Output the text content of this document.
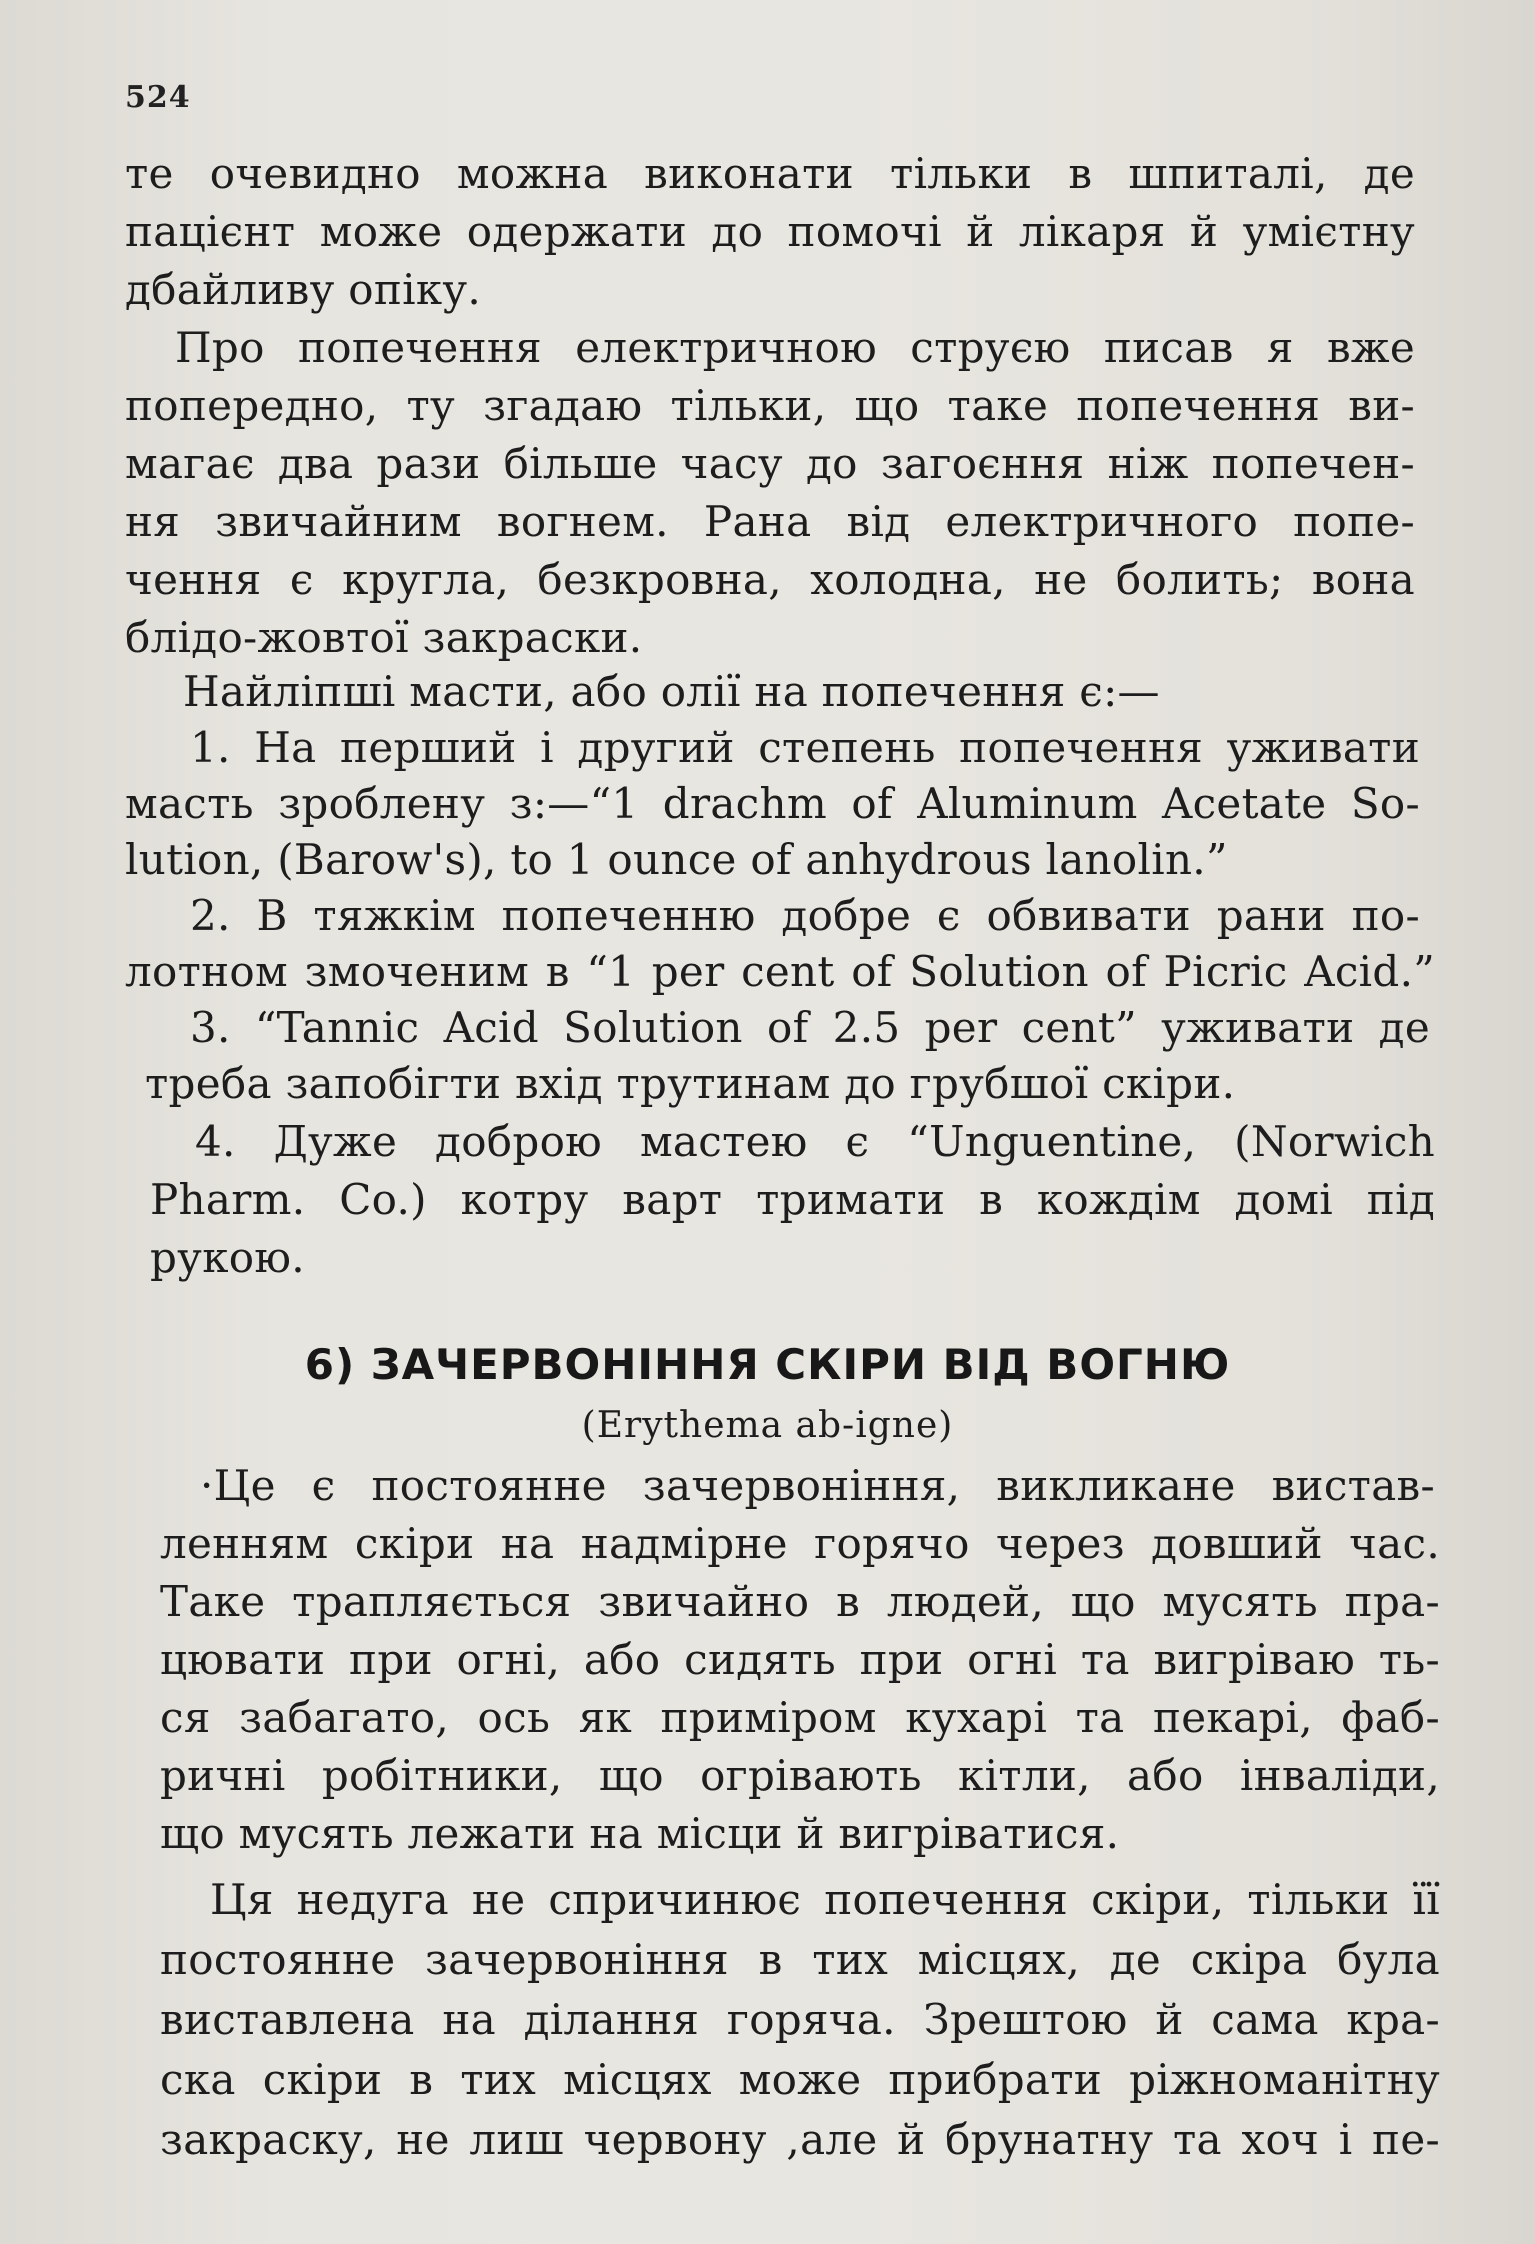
524
те очевидно можна виконати тільки в шпиталі, де
пацієнт може одержати до помочі й лікаря й умієтну
дбайливу опіку.
Про попечення електричною струєю писав я вже
попередно, ту згадаю тільки, що таке попечення ви-
магає два рази більше часу до загоєння ніж попечен-
ня звичайним вогнем. Рана від електричного попе-
чення є кругла, безкровна, холодна, не болить; вона
блідо-жовтої закраски.
Найліпші масти, або олії на попечення є:—
1. На перший і другий степень попечення уживати
масть зроблену з:—“1 drachm of Aluminum Acetate So-
lution, (Barow's), to 1 ounce of anhydrous lanolin.”
2. В тяжкім попеченню добре є обвивати рани по-
лотном змоченим в “1 per cent of Solution of Picric Acid.”
3. “Tannic Acid Solution of 2.5 per cent” уживати де
треба запобігти вхід трутинам до грубшої скіри.
4. Дуже доброю мастею є “Unguentine, (Norwich
Pharm. Co.) котру варт тримати в кождім домі під
рукою.
6) ЗАЧЕРВОНІННЯ СКІРИ ВІД ВОГНЮ
(Erythema ab-igne)
·Це є постоянне зачервоніння, викликане вистав-
ленням скіри на надмірне горячо через довший час.
Таке трапляється звичайно в людей, що мусять пра-
цювати при огні, або сидять при огні та вигріваю ть-
ся забагато, ось як приміром кухарі та пекарі, фаб-
ричні робітники, що огрівають кітли, або інваліди,
що мусять лежати на місци й вигріватися.
Ця недуга не спричинює попечення скіри, тільки її
постоянне зачервоніння в тих місцях, де скіра була
виставлена на ділання горяча. Зрештою й сама кра-
ска скіри в тих місцях може прибрати ріжноманітну
закраску, не лиш червону ,але й брунатну та хоч і пе-
